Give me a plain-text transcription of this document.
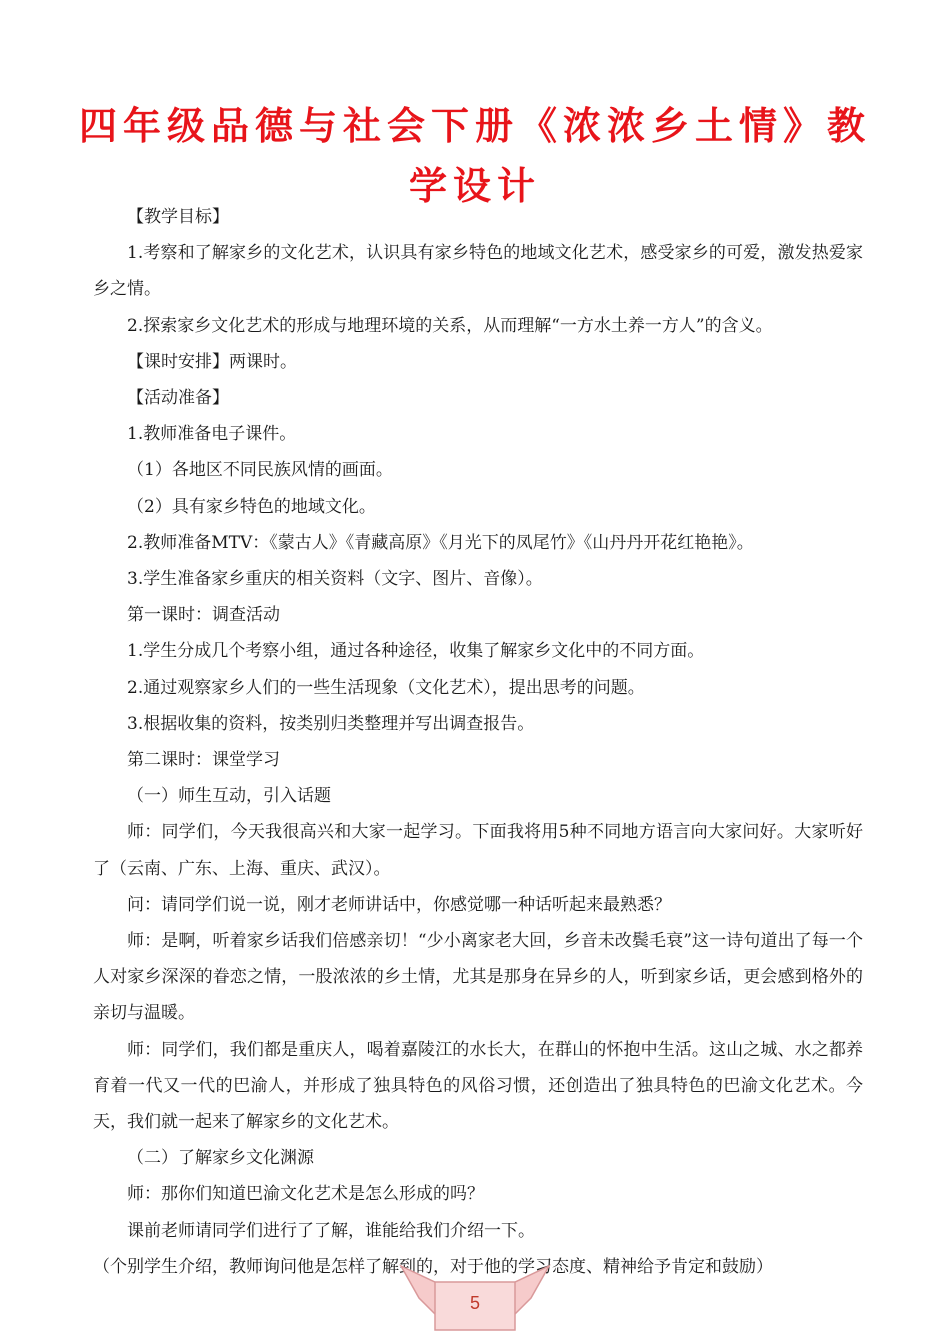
四年级品德与社会下册《浓浓乡土情》教学设计

【教学目标】

1.考察和了解家乡的文化艺术，认识具有家乡特色的地域文化艺术，感受家乡的可爱，激发热爱家乡之情。

2.探索家乡文化艺术的形成与地理环境的关系，从而理解“一方水土养一方人”的含义。

【课时安排】两课时。

【活动准备】

1.教师准备电子课件。

（1）各地区不同民族风情的画面。

（2）具有家乡特色的地域文化。

2.教师准备MTV：《蒙古人》《青藏高原》《月光下的凤尾竹》《山丹丹开花红艳艳》。

3.学生准备家乡重庆的相关资料（文字、图片、音像）。

第一课时：调查活动

1.学生分成几个考察小组，通过各种途径，收集了解家乡文化中的不同方面。

2.通过观察家乡人们的一些生活现象（文化艺术），提出思考的问题。

3.根据收集的资料，按类别归类整理并写出调查报告。

第二课时：课堂学习

（一）师生互动，引入话题

师：同学们，今天我很高兴和大家一起学习。下面我将用5种不同地方语言向大家问好。大家听好了（云南、广东、上海、重庆、武汉）。

问：请同学们说一说，刚才老师讲话中，你感觉哪一种话听起来最熟悉？

师：是啊，听着家乡话我们倍感亲切！“少小离家老大回，乡音未改鬓毛衰”这一诗句道出了每一个人对家乡深深的眷恋之情，一股浓浓的乡土情，尤其是那身在异乡的人，听到家乡话，更会感到格外的亲切与温暖。

师：同学们，我们都是重庆人，喝着嘉陵江的水长大，在群山的怀抱中生活。这山之城、水之都养育着一代又一代的巴渝人，并形成了独具特色的风俗习惯，还创造出了独具特色的巴渝文化艺术。今天，我们就一起来了解家乡的文化艺术。

（二）了解家乡文化渊源

师：那你们知道巴渝文化艺术是怎么形成的吗？

课前老师请同学们进行了了解，谁能给我们介绍一下。

（个别学生介绍，教师询问他是怎样了解到的，对于他的学习态度、精神给予肯定和鼓励）

5
